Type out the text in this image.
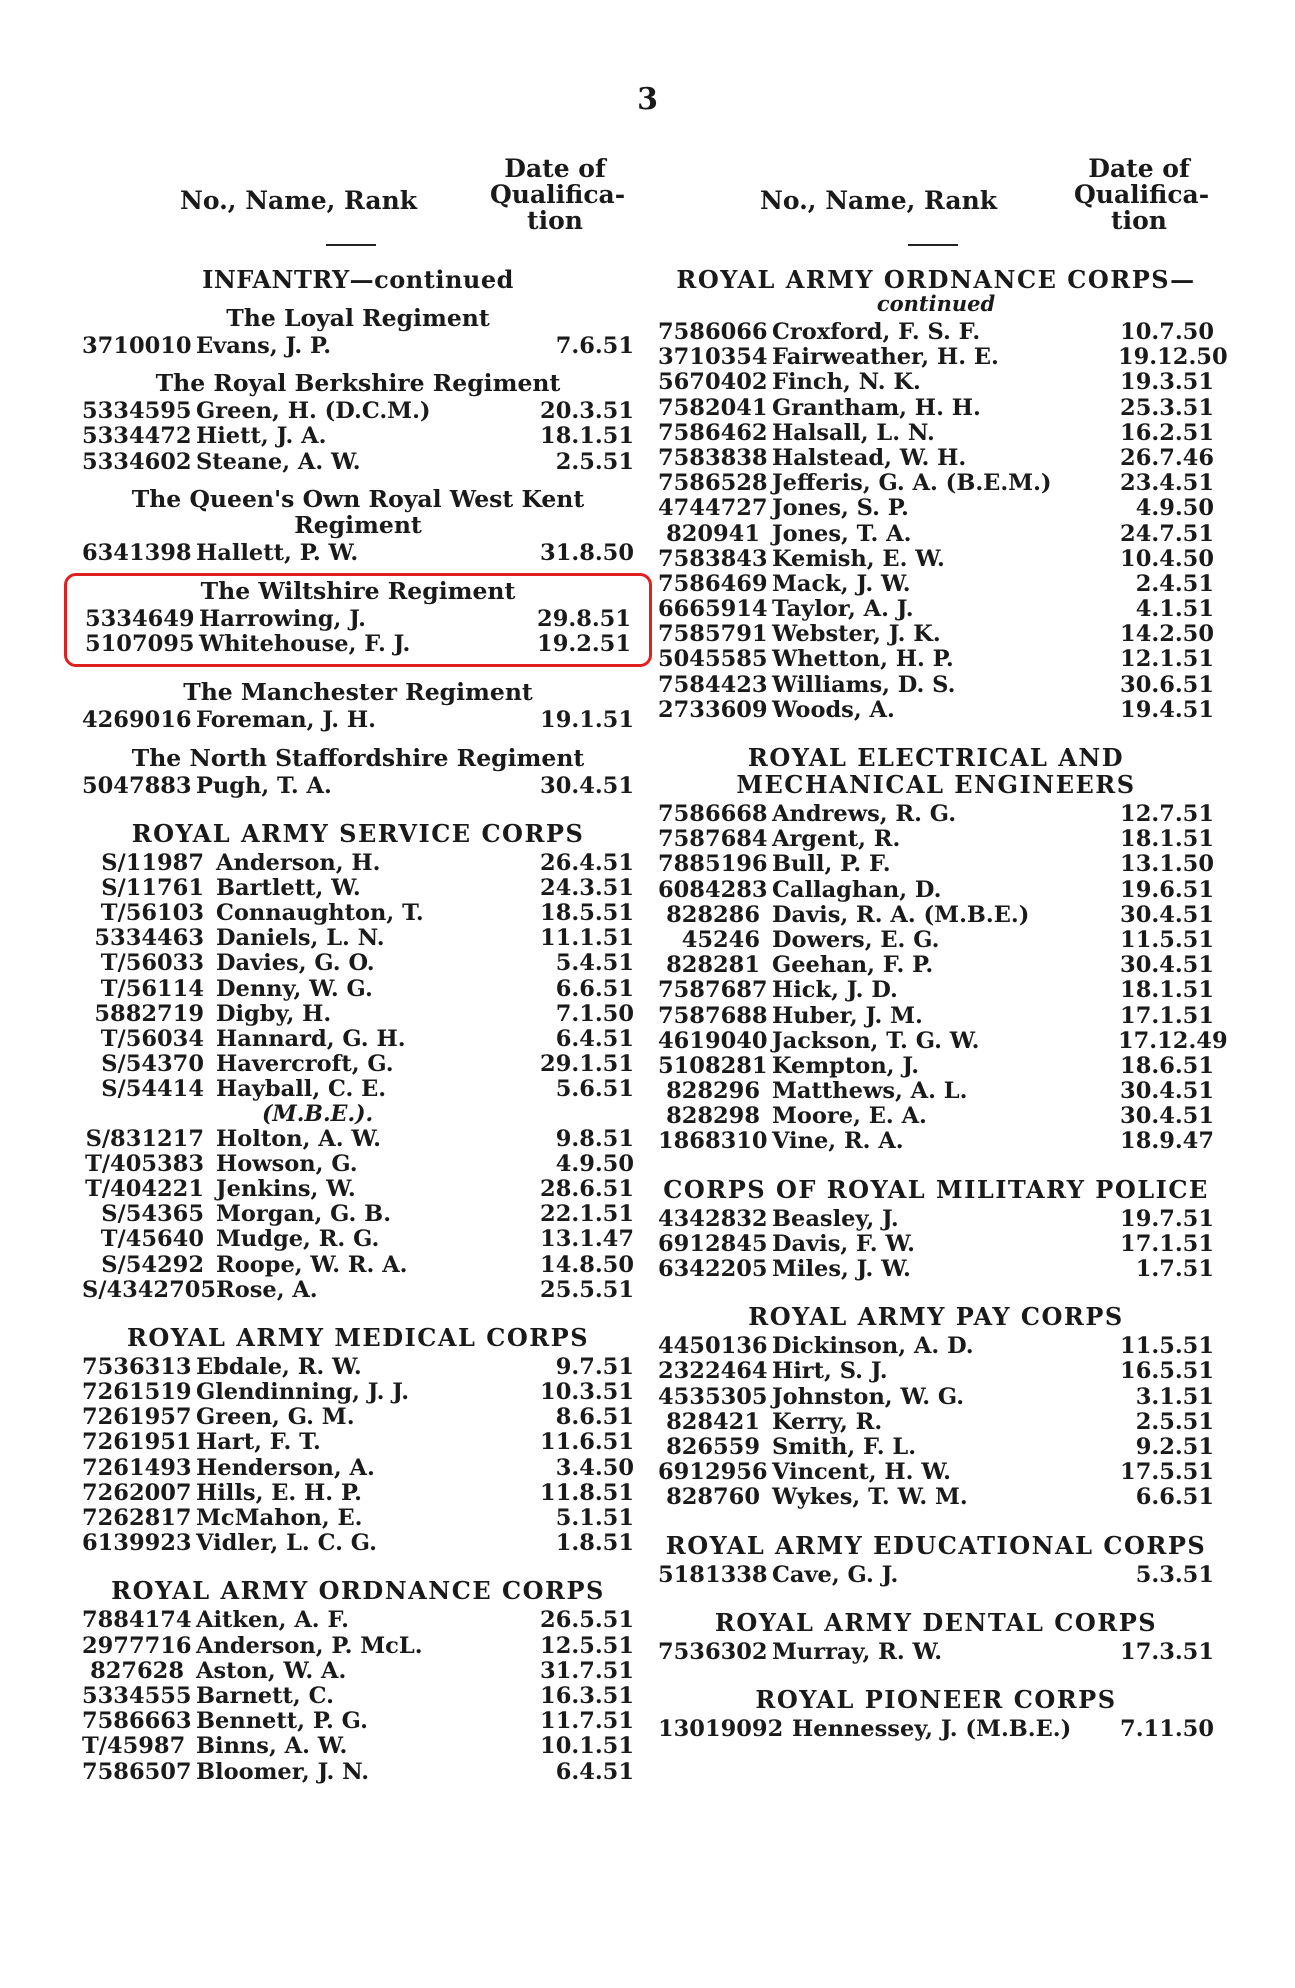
3
No., Name, Rank
Date of
Qualifica-
tion
INFANTRY—continued
The Loyal Regiment
3710010 Evans, J. P.	7.6.51
The Royal Berkshire Regiment
5334595 Green, H. (D.C.M.)	20.3.51
5334472 Hiett, J. A.	18.1.51
5334602 Steane, A. W.	2.5.51
The Queen's Own Royal West Kent Regiment
6341398 Hallett, P. W.	31.8.50
The Wiltshire Regiment
5334649 Harrowing, J.	29.8.51
5107095 Whitehouse, F. J.	19.2.51
The Manchester Regiment
4269016 Foreman, J. H.	19.1.51
The North Staffordshire Regiment
5047883 Pugh, T. A.	30.4.51
ROYAL ARMY SERVICE CORPS
S/11987 Anderson, H.	26.4.51
S/11761 Bartlett, W.	24.3.51
T/56103 Connaughton, T.	18.5.51
5334463 Daniels, L. N.	11.1.51
T/56033 Davies, G. O.	5.4.51
T/56114 Denny, W. G.	6.6.51
5882719 Digby, H.	7.1.50
T/56034 Hannard, G. H.	6.4.51
S/54370 Havercroft, G.	29.1.51
S/54414 Hayball, C. E.	5.6.51
(M.B.E.).
S/831217 Holton, A. W.	9.8.51
T/405383 Howson, G.	4.9.50
T/404221 Jenkins, W.	28.6.51
S/54365 Morgan, G. B.	22.1.51
T/45640 Mudge, R. G.	13.1.47
S/54292 Roope, W. R. A.	14.8.50
S/4342705 Rose, A.	25.5.51
ROYAL ARMY MEDICAL CORPS
7536313 Ebdale, R. W.	9.7.51
7261519 Glendinning, J. J.	10.3.51
7261957 Green, G. M.	8.6.51
7261951 Hart, F. T.	11.6.51
7261493 Henderson, A.	3.4.50
7262007 Hills, E. H. P.	11.8.51
7262817 McMahon, E.	5.1.51
6139923 Vidler, L. C. G.	1.8.51
ROYAL ARMY ORDNANCE CORPS
7884174 Aitken, A. F.	26.5.51
2977716 Anderson, P. McL.	12.5.51
827628 Aston, W. A.	31.7.51
5334555 Barnett, C.	16.3.51
7586663 Bennett, P. G.	11.7.51
T/45987 Binns, A. W.	10.1.51
7586507 Bloomer, J. N.	6.4.51
No., Name, Rank
Date of
Qualifica-
tion
ROYAL ARMY ORDNANCE CORPS—
continued
7586066 Croxford, F. S. F.	10.7.50
3710354 Fairweather, H. E.	19.12.50
5670402 Finch, N. K.	19.3.51
7582041 Grantham, H. H.	25.3.51
7586462 Halsall, L. N.	16.2.51
7583838 Halstead, W. H.	26.7.46
7586528 Jefferis, G. A. (B.E.M.)	23.4.51
4744727 Jones, S. P.	4.9.50
820941 Jones, T. A.	24.7.51
7583843 Kemish, E. W.	10.4.50
7586469 Mack, J. W.	2.4.51
6665914 Taylor, A. J.	4.1.51
7585791 Webster, J. K.	14.2.50
5045585 Whetton, H. P.	12.1.51
7584423 Williams, D. S.	30.6.51
2733609 Woods, A.	19.4.51
ROYAL ELECTRICAL AND MECHANICAL ENGINEERS
7586668 Andrews, R. G.	12.7.51
7587684 Argent, R.	18.1.51
7885196 Bull, P. F.	13.1.50
6084283 Callaghan, D.	19.6.51
828286 Davis, R. A. (M.B.E.)	30.4.51
45246 Dowers, E. G.	11.5.51
828281 Geehan, F. P.	30.4.51
7587687 Hick, J. D.	18.1.51
7587688 Huber, J. M.	17.1.51
4619040 Jackson, T. G. W.	17.12.49
5108281 Kempton, J.	18.6.51
828296 Matthews, A. L.	30.4.51
828298 Moore, E. A.	30.4.51
1868310 Vine, R. A.	18.9.47
CORPS OF ROYAL MILITARY POLICE
4342832 Beasley, J.	19.7.51
6912845 Davis, F. W.	17.1.51
6342205 Miles, J. W.	1.7.51
ROYAL ARMY PAY CORPS
4450136 Dickinson, A. D.	11.5.51
2322464 Hirt, S. J.	16.5.51
4535305 Johnston, W. G.	3.1.51
828421 Kerry, R.	2.5.51
826559 Smith, F. L.	9.2.51
6912956 Vincent, H. W.	17.5.51
828760 Wykes, T. W. M.	6.6.51
ROYAL ARMY EDUCATIONAL CORPS
5181338 Cave, G. J.	5.3.51
ROYAL ARMY DENTAL CORPS
7536302 Murray, R. W.	17.3.51
ROYAL PIONEER CORPS
13019092 Hennessey, J. (M.B.E.)	7.11.50
